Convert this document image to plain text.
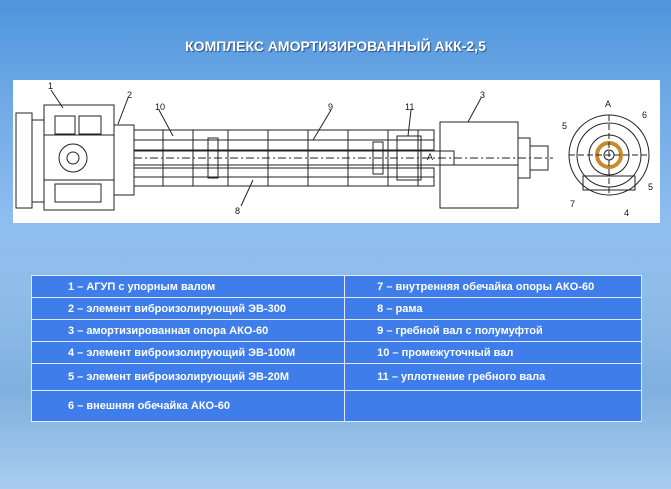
КОМПЛЕКС АМОРТИЗИРОВАННЫЙ АКК-2,5
1
2
10	9	11
3
8
A
A
6
5
5
7
4
1 – АГУП с упорным валом	7 – внутренняя обечайка опоры АКО-60
2 – элемент виброизолирующий ЭВ-300	8 – рама
3 – амортизированная опора АКО-60	9 – гребной вал с полумуфтой
4 – элемент виброизолирующий ЭВ-100М	10 – промежуточный вал
5 – элемент виброизолирующий ЭВ-20М	11 – уплотнение гребного вала
6 – внешняя обечайка АКО-60	
